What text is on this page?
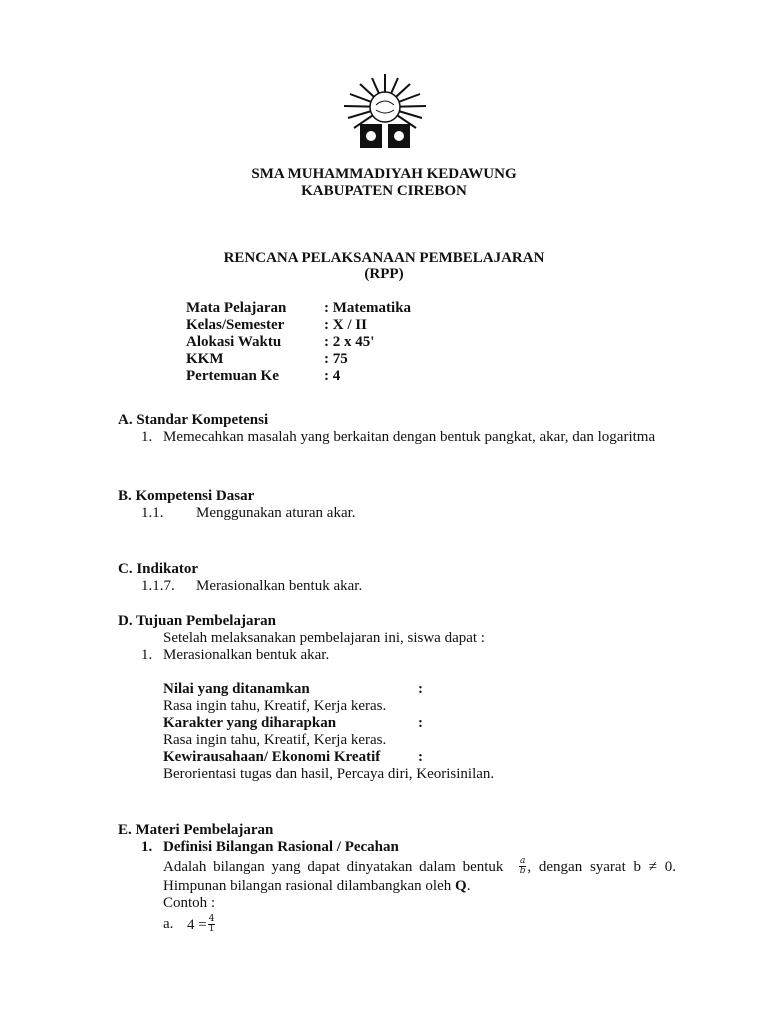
SMA MUHAMMADIYAH KEDAWUNG
KABUPATEN CIREBON
RENCANA PELAKSANAAN PEMBELAJARAN
(RPP)
Mata Pelajaran	: Matematika
Kelas/Semester	: X / II
Alokasi Waktu	: 2 x 45'
KKM	: 75
Pertemuan Ke	: 4
A. Standar Kompetensi
1. Memecahkan masalah yang berkaitan dengan bentuk pangkat, akar, dan logaritma
B. Kompetensi Dasar
1.1. Menggunakan aturan akar.
C. Indikator
1.1.7. Merasionalkan bentuk akar.
D. Tujuan Pembelajaran
Setelah melaksanakan pembelajaran ini, siswa dapat :
1. Merasionalkan bentuk akar.
Nilai yang ditanamkan	:
Rasa ingin tahu, Kreatif, Kerja keras.
Karakter yang diharapkan	:
Rasa ingin tahu, Kreatif, Kerja keras.
Kewirausahaan/ Ekonomi Kreatif	:
Berorientasi tugas dan hasil, Percaya diri, Keorisinilan.
E. Materi Pembelajaran
1. Definisi Bilangan Rasional / Pecahan
Adalah bilangan yang dapat dinyatakan dalam bentuk $\frac{a}{b}$ , dengan syarat b ≠ 0.
Himpunan bilangan rasional dilambangkan oleh Q.
Contoh :
a. $4 = \frac{4}{1}$
